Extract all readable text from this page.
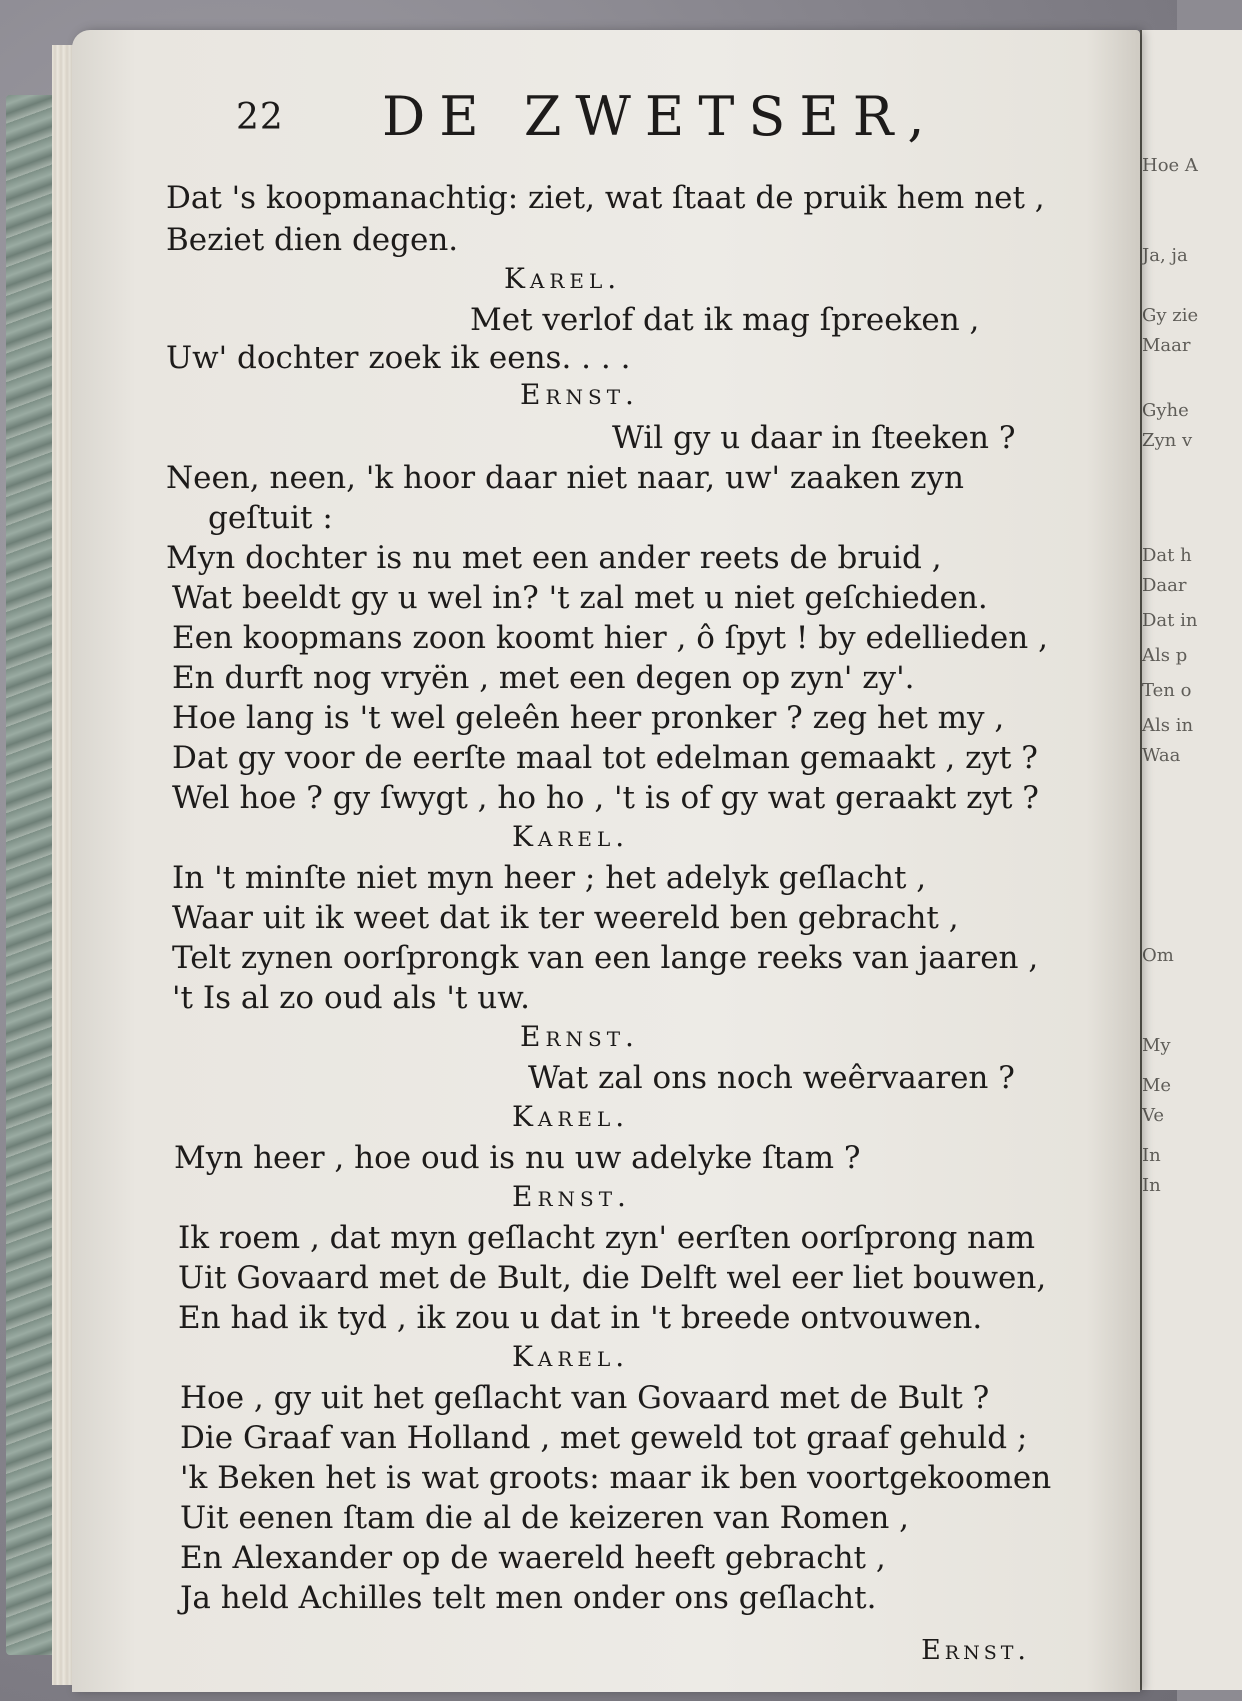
Hoe A
Ja, ja
Gy zie
Maar
Gyhe
Zyn v
Dat h
Daar
Dat in
Als p
Ten o
Als in
Waa
Om
My
Me
Ve
In
In
22 DE ZWETSER,
Ernst.
Dat 's koopmanachtig: ziet, wat ſtaat de pruik hem net ,
Beziet dien degen.
Karel.
Met verlof dat ik mag ſpreeken ,
Uw' dochter zoek ik eens. . . .
Ernst.
Wil gy u daar in ſteeken ?
Neen, neen, 'k hoor daar niet naar, uw' zaaken zyn
geſtuit :
Myn dochter is nu met een ander reets de bruid ,
Wat beeldt gy u wel in? 't zal met u niet geſchieden.
Een koopmans zoon koomt hier , ô ſpyt ! by edellieden ,
En durft nog vryën , met een degen op zyn' zy'.
Hoe lang is 't wel geleên heer pronker ? zeg het my ,
Dat gy voor de eerſte maal tot edelman gemaakt , zyt ?
Wel hoe ? gy ſwygt , ho ho , 't is of gy wat geraakt zyt ?
Karel.
In 't minſte niet myn heer ; het adelyk geſlacht ,
Waar uit ik weet dat ik ter weereld ben gebracht ,
Telt zynen oorſprongk van een lange reeks van jaaren ,
't Is al zo oud als 't uw.
Ernst.
Wat zal ons noch weêrvaaren ?
Karel.
Myn heer , hoe oud is nu uw adelyke ſtam ?
Ernst.
Ik roem , dat myn geſlacht zyn' eerſten oorſprong nam
Uit Govaard met de Bult, die Delft wel eer liet bouwen,
En had ik tyd , ik zou u dat in 't breede ontvouwen.
Karel.
Hoe , gy uit het geſlacht van Govaard met de Bult ?
Die Graaf van Holland , met geweld tot graaf gehuld ;
'k Beken het is wat groots: maar ik ben voortgekoomen
Uit eenen ſtam die al de keizeren van Romen ,
En Alexander op de waereld heeft gebracht ,
Ja held Achilles telt men onder ons geſlacht.
